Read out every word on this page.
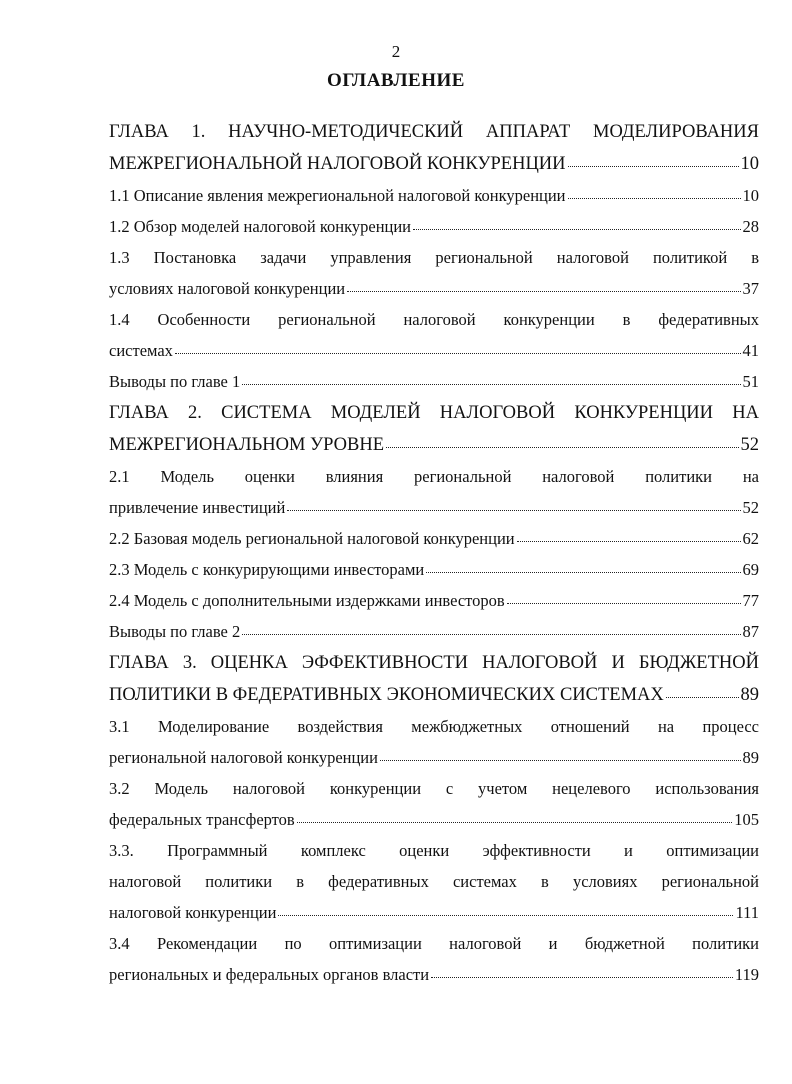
2
ОГЛАВЛЕНИЕ
ГЛАВА 1. НАУЧНО-МЕТОДИЧЕСКИЙ АППАРАТ МОДЕЛИРОВАНИЯ
МЕЖРЕГИОНАЛЬНОЙ НАЛОГОВОЙ КОНКУРЕНЦИИ	10
1.1 Описание явления межрегиональной налоговой конкуренции	10
1.2 Обзор моделей налоговой конкуренции	28
1.3 Постановка задачи управления региональной налоговой политикой в
условиях налоговой конкуренции	37
1.4 Особенности региональной налоговой конкуренции в федеративных
системах	41
Выводы по главе 1	51
ГЛАВА 2. СИСТЕМА МОДЕЛЕЙ НАЛОГОВОЙ КОНКУРЕНЦИИ НА
МЕЖРЕГИОНАЛЬНОМ УРОВНЕ	52
2.1 Модель оценки влияния региональной налоговой политики на
привлечение инвестиций	52
2.2 Базовая модель региональной налоговой конкуренции	62
2.3 Модель с конкурирующими инвесторами	69
2.4 Модель с дополнительными издержками инвесторов	77
Выводы по главе 2	87
ГЛАВА 3. ОЦЕНКА ЭФФЕКТИВНОСТИ НАЛОГОВОЙ И БЮДЖЕТНОЙ
ПОЛИТИКИ В ФЕДЕРАТИВНЫХ ЭКОНОМИЧЕСКИХ СИСТЕМАХ	89
3.1 Моделирование воздействия межбюджетных отношений на процесс
региональной налоговой конкуренции	89
3.2 Модель налоговой конкуренции с учетом нецелевого использования
федеральных трансфертов	105
3.3. Программный комплекс оценки эффективности и оптимизации
налоговой политики в федеративных системах в условиях региональной
налоговой конкуренции	111
3.4 Рекомендации по оптимизации налоговой и бюджетной политики
региональных и федеральных органов власти	119
